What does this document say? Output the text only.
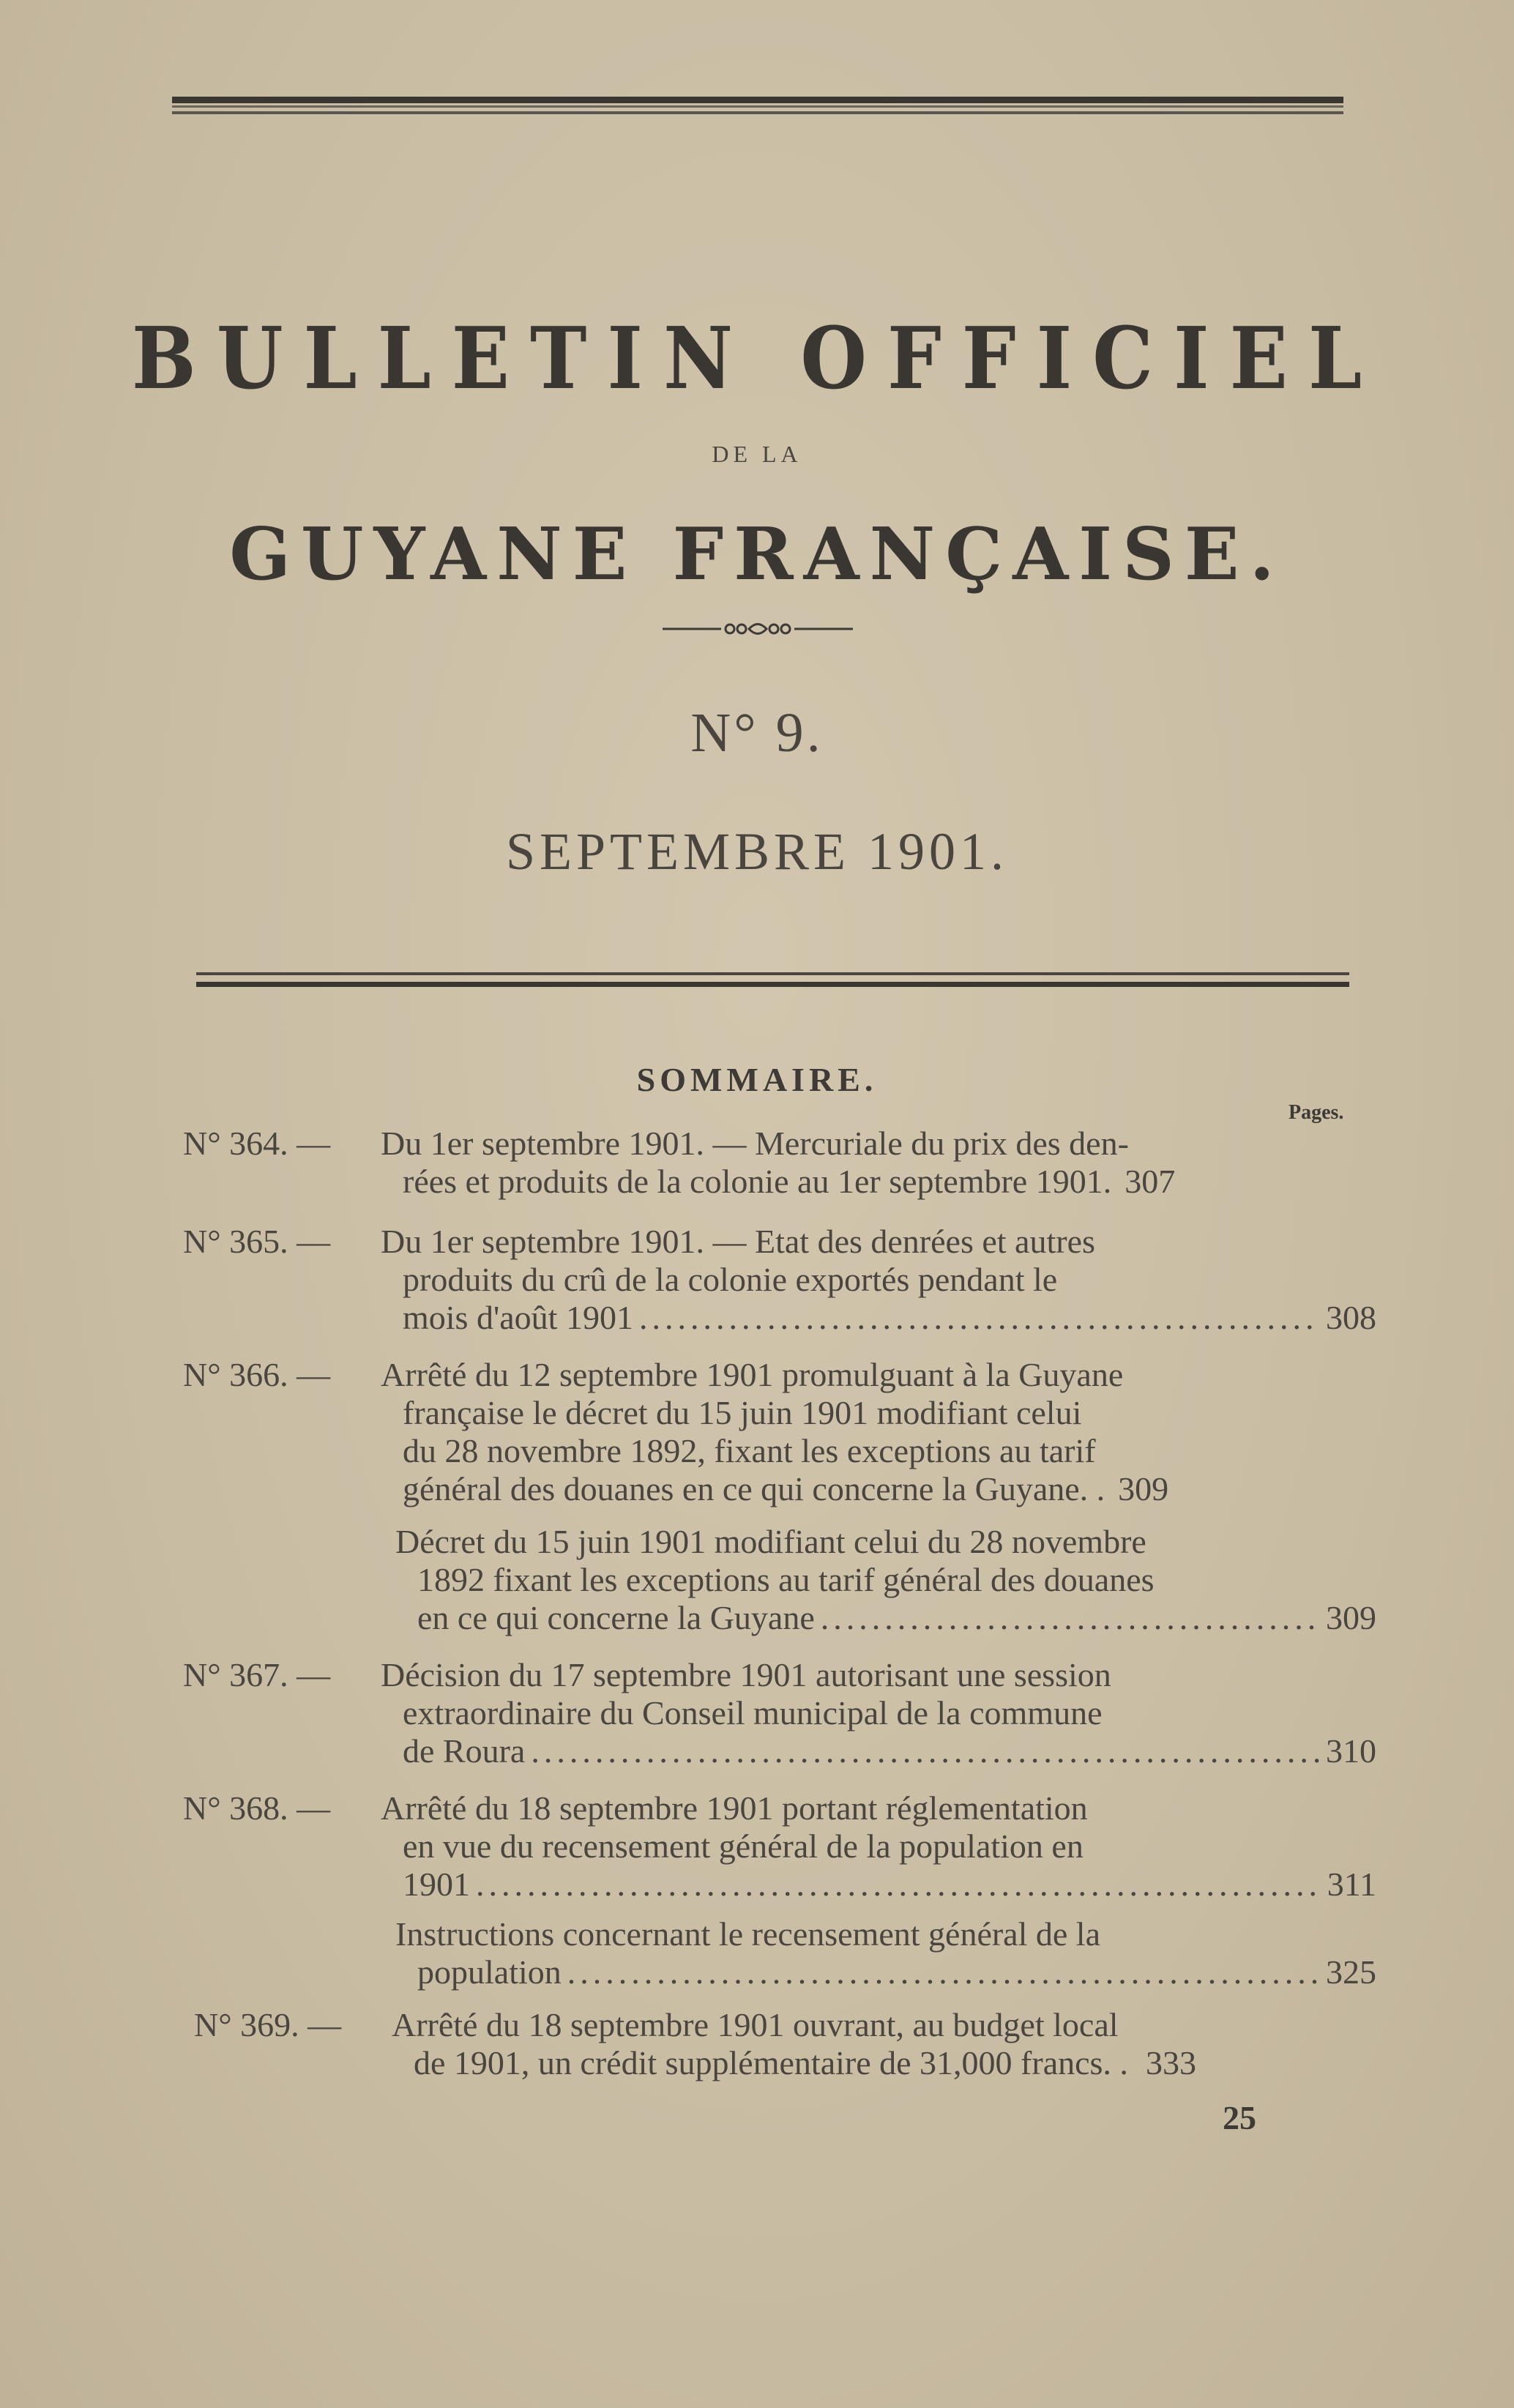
BULLETIN OFFICIEL
DE LA
GUYANE FRANÇAISE.
N° 9.
SEPTEMBRE 1901.
SOMMAIRE.
Pages.
N° 364. — Du 1er septembre 1901. — Mercuriale du prix des den-
rées et produits de la colonie au 1er septembre 1901. 307
N° 365. — Du 1er septembre 1901. — Etat des denrées et autres
produits du crû de la colonie exportés pendant le
mois d'août 1901 .....	308
N° 366. — Arrêté du 12 septembre 1901 promulguant à la Guyane
française le décret du 15 juin 1901 modifiant celui
du 28 novembre 1892, fixant les exceptions au tarif
général des douanes en ce qui concerne la Guyane. . 309
Décret du 15 juin 1901 modifiant celui du 28 novembre
1892 fixant les exceptions au tarif général des douanes
en ce qui concerne la Guyane .....	309
N° 367. — Décision du 17 septembre 1901 autorisant une session
extraordinaire du Conseil municipal de la commune
de Roura .....	310
N° 368. — Arrêté du 18 septembre 1901 portant réglementation
en vue du recensement général de la population en
1901 .....	311
Instructions concernant le recensement général de la
population .....	325
N° 369. — Arrêté du 18 septembre 1901 ouvrant, au budget local
de 1901, un crédit supplémentaire de 31,000 francs. . 333
25
